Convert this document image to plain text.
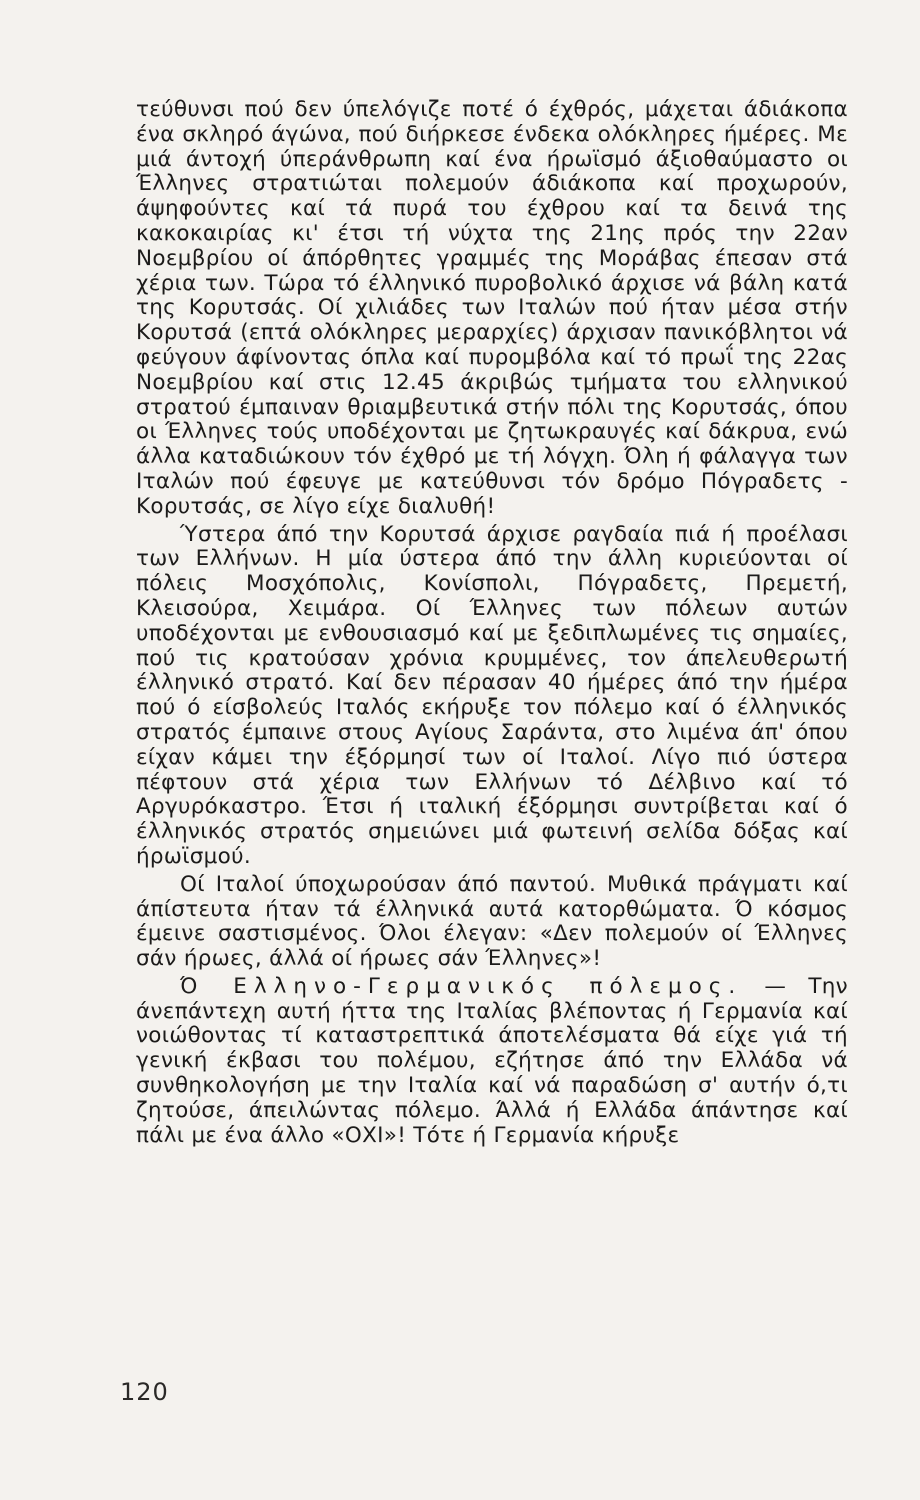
τεύθυνσι πού δεν ύπελόγιζε ποτέ ό έχθρός, μάχεται άδιάκοπα ένα σκληρό άγώνα, πού διήρκεσε ένδεκα ολόκληρες ήμέρες. Με μιά άντοχή ύπεράνθρωπη καί ένα ήρωϊσμό άξιοθαύμαστο οι Έλληνες στρατιώται πολεμούν άδιάκοπα καί προχωρούν, άψηφούντες καί τά πυρά του έχθρου καί τα δεινά της κακοκαιρίας κι' έτσι τή νύχτα της 21ης πρός την 22αν Νοεμβρίου οί άπόρθητες γραμμές της Μοράβας έπεσαν στά χέρια των. Τώρα τό έλληνικό πυροβολικό άρχισε νά βάλη κατά της Κορυτσάς. Οί χιλιάδες των Ιταλών πού ήταν μέσα στήν Κορυτσά (επτά ολόκληρες μεραρχίες) άρχισαν πανικόβλητοι νά φεύγουν άφίνοντας όπλα καί πυρομβόλα καί τό πρωΐ της 22ας Νοεμβρίου καί στις 12.45 άκριβώς τμήματα του ελληνικού στρατού έμπαιναν θριαμβευτικά στήν πόλι της Κορυτσάς, όπου οι Έλληνες τούς υποδέχονται με ζητωκραυγές καί δάκρυα, ενώ άλλα καταδιώκουν τόν έχθρό με τή λόγχη. Όλη ή φάλαγγα των Ιταλών πού έφευγε με κατεύθυνσι τόν δρόμο Πόγραδετς - Κορυτσάς, σε λίγο είχε διαλυθή!

Ύστερα άπό την Κορυτσά άρχισε ραγδαία πιά ή προέλασι των Ελλήνων. Η μία ύστερα άπό την άλλη κυριεύονται οί πόλεις Μοσχόπολις, Κονίσπολι, Πόγραδετς, Πρεμετή, Κλεισούρα, Χειμάρα. Οί Έλληνες των πόλεων αυτών υποδέχονται με ενθουσιασμό καί με ξεδιπλωμένες τις σημαίες, πού τις κρατούσαν χρόνια κρυμμένες, τον άπελευθερωτή έλληνικό στρατό. Καί δεν πέρασαν 40 ήμέρες άπό την ήμέρα πού ό είσβολεύς Ιταλός εκήρυξε τον πόλεμο καί ό έλληνικός στρατός έμπαινε στους Αγίους Σαράντα, στο λιμένα άπ' όπου είχαν κάμει την έξόρμησί των οί Ιταλοί. Λίγο πιό ύστερα πέφτουν στά χέρια των Ελλήνων τό Δέλβινο καί τό Αργυρόκαστρο. Έτσι ή ιταλική έξόρμησι συντρίβεται καί ό έλληνικός στρατός σημειώνει μιά φωτεινή σελίδα δόξας καί ήρωϊσμού.

Οί Ιταλοί ύποχωρούσαν άπό παντού. Μυθικά πράγματι καί άπίστευτα ήταν τά έλληνικά αυτά κατορθώματα. Ό κόσμος έμεινε σαστισμένος. Όλοι έλεγαν: «Δεν πολεμούν οί Έλληνες σάν ήρωες, άλλά οί ήρωες σάν Έλληνες»!

Ό Ελληνο-Γερμανικός πόλεμος. — Την άνεπάντεχη αυτή ήττα της Ιταλίας βλέποντας ή Γερμανία καί νοιώθοντας τί καταστρεπτικά άποτελέσματα θά είχε γιά τή γενική έκβασι του πολέμου, εζήτησε άπό την Ελλάδα νά συνθηκολογήση με την Ιταλία καί νά παραδώση σ' αυτήν ό,τι ζητούσε, άπειλώντας πόλεμο. Άλλά ή Ελλάδα άπάντησε καί πάλι με ένα άλλο «ΟΧΙ»! Τότε ή Γερμανία κήρυξε

120
